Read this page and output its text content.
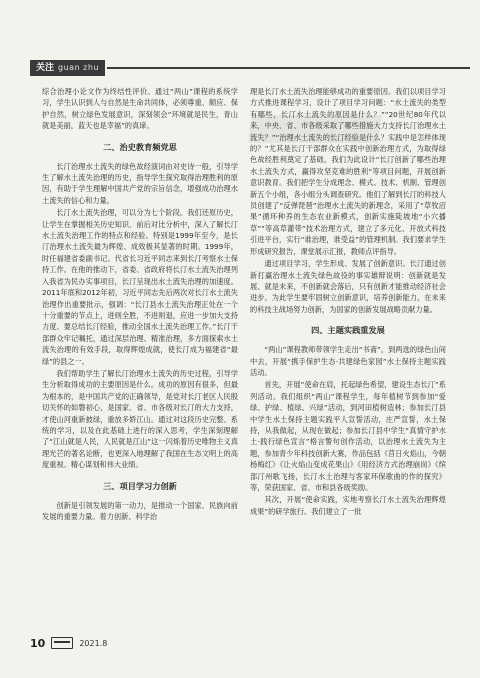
关注 guan zhu

综合治理小论文作为终结性评价。通过“两山”课程的系统学习，学生认识到人与自然是生命共同体，必须尊重、顺应、保护自然，树立绿色发展意识，深刻领会“环境就是民生，青山就是美丽，蓝天也是幸福”的真谛。

二、治史教育频党思

长汀治理水土流失的绿色故经演词由对史诗一般，引导学生了解水土流失治理的历史，指导学生探究取得治理胜利的原因，有助于学生理解中国共产党的宗旨信念，增强成功治理水土流失的信心和力量。

长汀水土流失治理，可以分为七个阶段。我们还原历史，让学生在掌握相关历史知识、前后对比分析中，深入了解长汀水土流失治理工作的特点和经验。特别是1999年至今，是长汀治理水土流失最为辉煌、成效极其显著的时期。1999年，时任福建省委副书记、代省长习近平同志来到长汀考察水土保持工作。在他的推动下，省委、省政府将长汀水土流失治理列入我省为民办实事项目，长汀呈现出水土流失治理的加速度。2011年底和2012年初，习近平同志先后两次对长汀水土流失治理作出重要批示，强调：“长汀县水土流失治理正处在一个十分重要的节点上，进则全胜，不进则退，应进一步加大支持力度。要总结长汀经验，推动全国水土流失治理工作。”长汀干部群众牢记嘱托，通过深层治理、精准治理，多方面探索水土流失治理的有效手段，取得辉煌成就，使长汀成为福建省“最绿”的县之一。

我们帮助学生了解长汀治理水土流失的历史过程，引导学生分析取得成功的主要原因是什么。成功的原因有很多，但最为根本的，是中国共产党的正确领导，是党对长汀老区人民殷切关怀的如磐初心，是国家、省、市各级对长汀的大力支持，才使山河重新披绿，重放多娇江山。通过对这段历史完整、系统的学习，以及在此基础上进行的深入思考，学生深刻理解了“江山就是人民，人民就是江山”这一闪烁着历史唯物主义真理光芒的著名论断，也更深入地理解了我国在生态文明上的高度重视、精心谋划和伟大业绩。

三、项目学习力创新

创新是引领发展的第一动力，是推动一个国家、民族向前发展的重要力量。着力创新、科学治

理是长汀水土流失治理能够成功的重要原因。我们以项目学习方式推进课程学习，设计了项目学习问题：“水土流失的类型有哪些，长汀水土流失的原因是什么？”“20世纪80年代以来，中央、省、市各级采取了哪些措施大力支持长汀治理水土流失？”“治理水土流失的长汀经验是什么？实践中是怎样体现的？”尤其是长汀干部群众在实践中创新治理方式，为取得绿色故经胜利奠定了基础，我们为此设计“长汀创新了哪些治理水土流失方式，赢得攻坚克难的胜利”等项目问题，开展创新意识教育。我们把学生分成理念、模式、技术、机制、管理创新五个小组，各小组分头调查研究。他们了解到长汀的科技人员创建了“反弹琵琶”治理水土流失的新理念，采用了“草牧沼果”循环种养的生态农业新模式，创新实施陡坡地“小穴播草”“等高草灌带”技术治理方式，建立了多元化、开放式科技引进平台，实行“谁治理，谁受益”的管理机制。我们要求学生形成研究报告，课堂展示汇报，教师点评指导。

通过项目学习，学生形成、发展了创新意识。长汀通过创新打赢治理水土流失绿色故役的事实雄辩说明：创新就是发展、就是未来，不创新就会落后，只有创新才能推动经济社会进步。为此学生要牢固树立创新意识，培养创新能力，在未来的科技主战场努力创新，为国家的创新发展战略贡献力量。

四、主题实践重发展

“两山”课程教师带领学生走出“书斋”，到两选的绿色山间中去，开展“携手保护生态·共建绿色家园”水土保持主题实践活动。

首先，开展“使命在肩，托起绿色希望，建设生态长汀”系列活动。我们组织“两山”课程学生，每年植树节到参加“爱绿、护绿、植绿、兴绿”活动，到河田植树造林；参加长汀县中学生水土保持主题实践平人宣誓活动，庄严宣誓，水土保持，从我做起，从现在做起；参加长汀县中学生“真情守护水土·践行绿色宣言”格言警句创作活动，以治理水土流失为主题，参加青少年科技创新大赛，作品包括《苜日火焰山，今朝杨梅红》《让火焰山变成花果山》《用经济方式治理崩岗》《缤部汀州歌飞扬，长汀水土治理与客家环保歌曲的作的探究》等，荣获国家、省、市和县各级奖励。

其次，开展“使命实践，实地考察长汀水土流失治理辉煌成果”的研学旅行。我们建立了一批

10	2021.8
